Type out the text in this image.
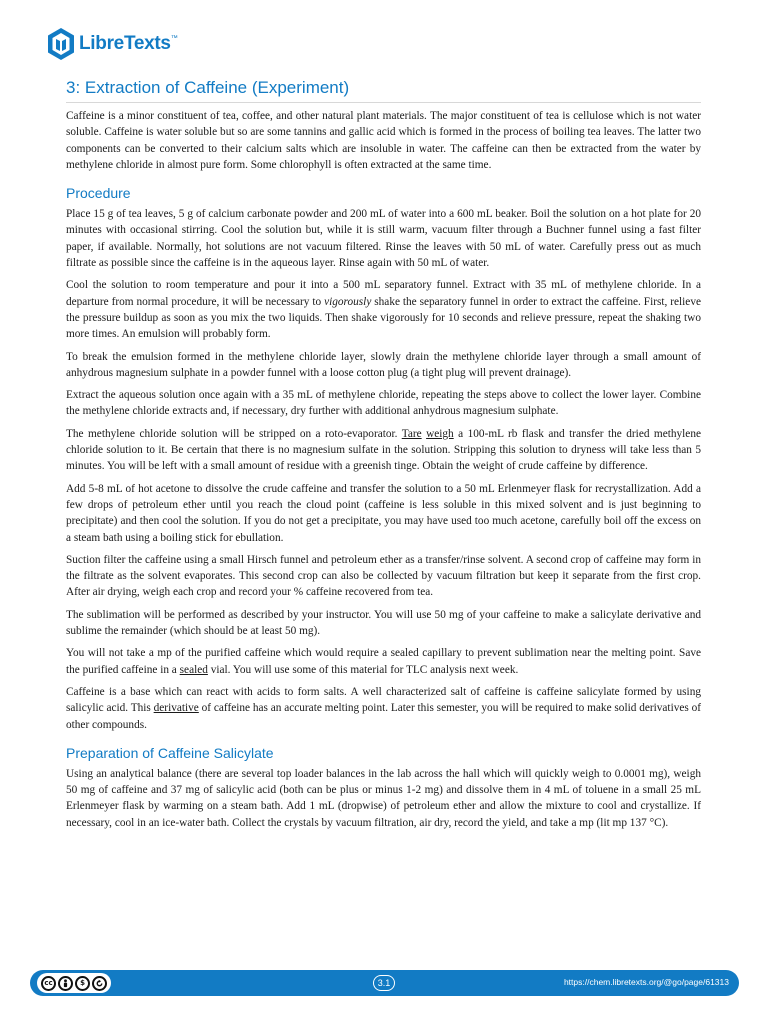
LibreTexts ™
3: Extraction of Caffeine (Experiment)

Caffeine is a minor constituent of tea, coffee, and other natural plant materials. The major constituent of tea is cellulose which is not water soluble. Caffeine is water soluble but so are some tannins and gallic acid which is formed in the process of boiling tea leaves. The latter two components can be converted to their calcium salts which are insoluble in water. The caffeine can then be extracted from the water by methylene chloride in almost pure form. Some chlorophyll is often extracted at the same time.

Procedure

Place 15 g of tea leaves, 5 g of calcium carbonate powder and 200 mL of water into a 600 mL beaker. Boil the solution on a hot plate for 20 minutes with occasional stirring. Cool the solution but, while it is still warm, vacuum filter through a Buchner funnel using a fast filter paper, if available. Normally, hot solutions are not vacuum filtered. Rinse the leaves with 50 mL of water. Carefully press out as much filtrate as possible since the caffeine is in the aqueous layer. Rinse again with 50 mL of water.

Cool the solution to room temperature and pour it into a 500 mL separatory funnel. Extract with 35 mL of methylene chloride. In a departure from normal procedure, it will be necessary to vigorously shake the separatory funnel in order to extract the caffeine. First, relieve the pressure buildup as soon as you mix the two liquids. Then shake vigorously for 10 seconds and relieve pressure, repeat the shaking two more times. An emulsion will probably form.

To break the emulsion formed in the methylene chloride layer, slowly drain the methylene chloride layer through a small amount of anhydrous magnesium sulphate in a powder funnel with a loose cotton plug (a tight plug will prevent drainage).

Extract the aqueous solution once again with a 35 mL of methylene chloride, repeating the steps above to collect the lower layer. Combine the methylene chloride extracts and, if necessary, dry further with additional anhydrous magnesium sulphate.

The methylene chloride solution will be stripped on a roto-evaporator. Tare weigh a 100-mL rb flask and transfer the dried methylene chloride solution to it. Be certain that there is no magnesium sulfate in the solution. Stripping this solution to dryness will take less than 5 minutes. You will be left with a small amount of residue with a greenish tinge. Obtain the weight of crude caffeine by difference.

Add 5-8 mL of hot acetone to dissolve the crude caffeine and transfer the solution to a 50 mL Erlenmeyer flask for recrystallization. Add a few drops of petroleum ether until you reach the cloud point (caffeine is less soluble in this mixed solvent and is just beginning to precipitate) and then cool the solution. If you do not get a precipitate, you may have used too much acetone, carefully boil off the excess on a steam bath using a boiling stick for ebullation.

Suction filter the caffeine using a small Hirsch funnel and petroleum ether as a transfer/rinse solvent. A second crop of caffeine may form in the filtrate as the solvent evaporates. This second crop can also be collected by vacuum filtration but keep it separate from the first crop. After air drying, weigh each crop and record your % caffeine recovered from tea.

The sublimation will be performed as described by your instructor. You will use 50 mg of your caffeine to make a salicylate derivative and sublime the remainder (which should be at least 50 mg).

You will not take a mp of the purified caffeine which would require a sealed capillary to prevent sublimation near the melting point. Save the purified caffeine in a sealed vial. You will use some of this material for TLC analysis next week.

Caffeine is a base which can react with acids to form salts. A well characterized salt of caffeine is caffeine salicylate formed by using salicylic acid. This derivative of caffeine has an accurate melting point. Later this semester, you will be required to make solid derivatives of other compounds.

Preparation of Caffeine Salicylate

Using an analytical balance (there are several top loader balances in the lab across the hall which will quickly weigh to 0.0001 mg), weigh 50 mg of caffeine and 37 mg of salicylic acid (both can be plus or minus 1-2 mg) and dissolve them in 4 mL of toluene in a small 25 mL Erlenmeyer flask by warming on a steam bath. Add 1 mL (dropwise) of petroleum ether and allow the mixture to cool and crystallize. If necessary, cool in an ice-water bath. Collect the crystals by vacuum filtration, air dry, record the yield, and take a mp (lit mp 137 °C).

cc	$	3.1	https://chem.libretexts.org/@go/page/61313
